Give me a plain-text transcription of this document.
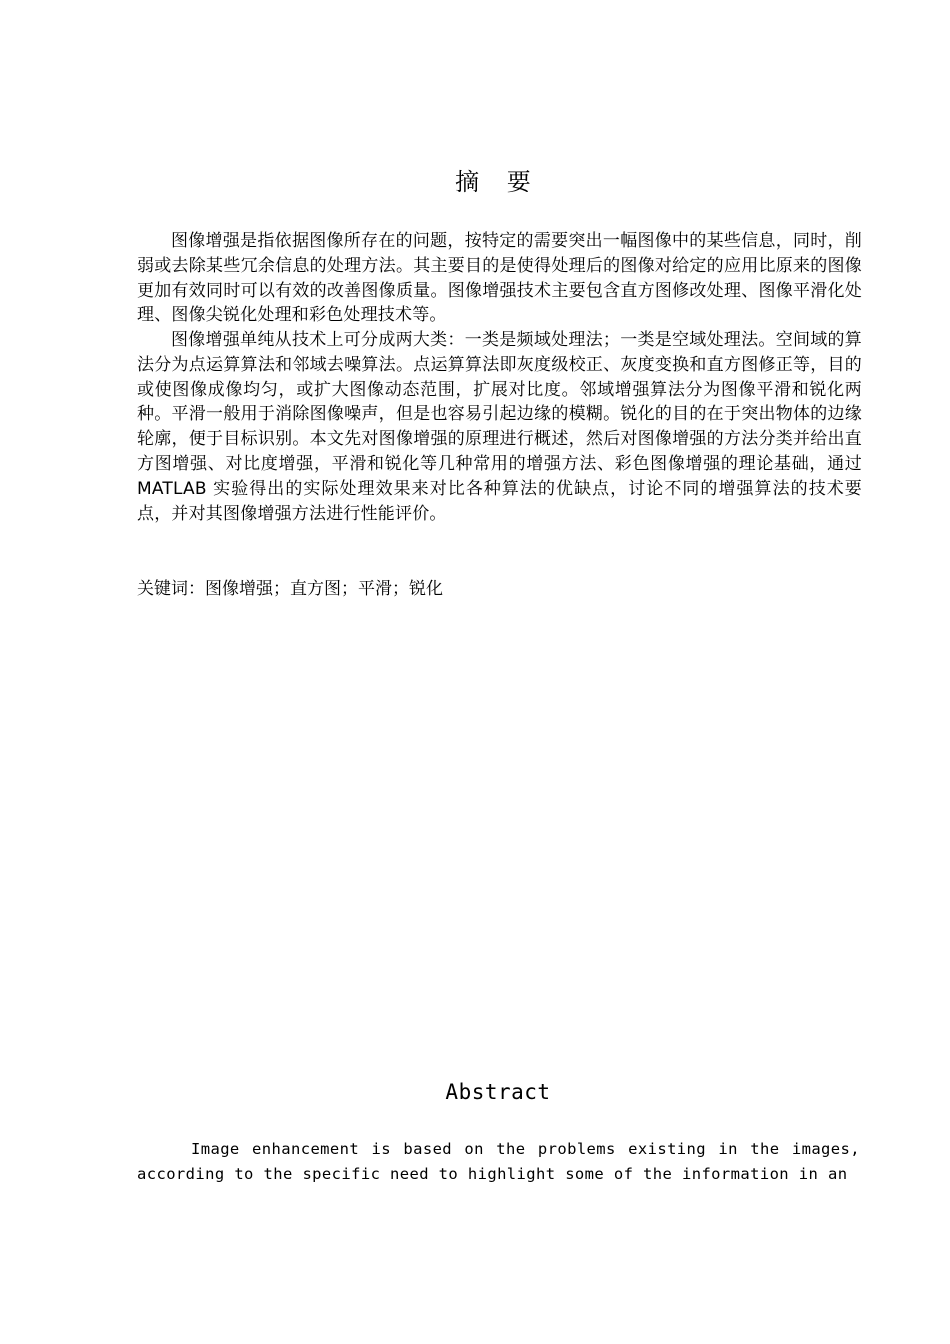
摘 要

图像增强是指依据图像所存在的问题，按特定的需要突出一幅图像中的某些信息，同时，削弱或去除某些冗余信息的处理方法。其主要目的是使得处理后的图像对给定的应用比原来的图像更加有效同时可以有效的改善图像质量。图像增强技术主要包含直方图修改处理、图像平滑化处理、图像尖锐化处理和彩色处理技术等。

图像增强单纯从技术上可分成两大类：一类是频域处理法；一类是空域处理法。空间域的算法分为点运算算法和邻域去噪算法。点运算算法即灰度级校正、灰度变换和直方图修正等，目的或使图像成像均匀，或扩大图像动态范围，扩展对比度。邻域增强算法分为图像平滑和锐化两种。平滑一般用于消除图像噪声，但是也容易引起边缘的模糊。锐化的目的在于突出物体的边缘轮廓，便于目标识别。本文先对图像增强的原理进行概述，然后对图像增强的方法分类并给出直方图增强、对比度增强，平滑和锐化等几种常用的增强方法、彩色图像增强的理论基础，通过 MATLAB 实验得出的实际处理效果来对比各种算法的优缺点，讨论不同的增强算法的技术要点，并对其图像增强方法进行性能评价。

关键词：图像增强；直方图；平滑；锐化

Abstract

Image enhancement is based on the problems existing in the images, according to the specific need to highlight some of the information in an
